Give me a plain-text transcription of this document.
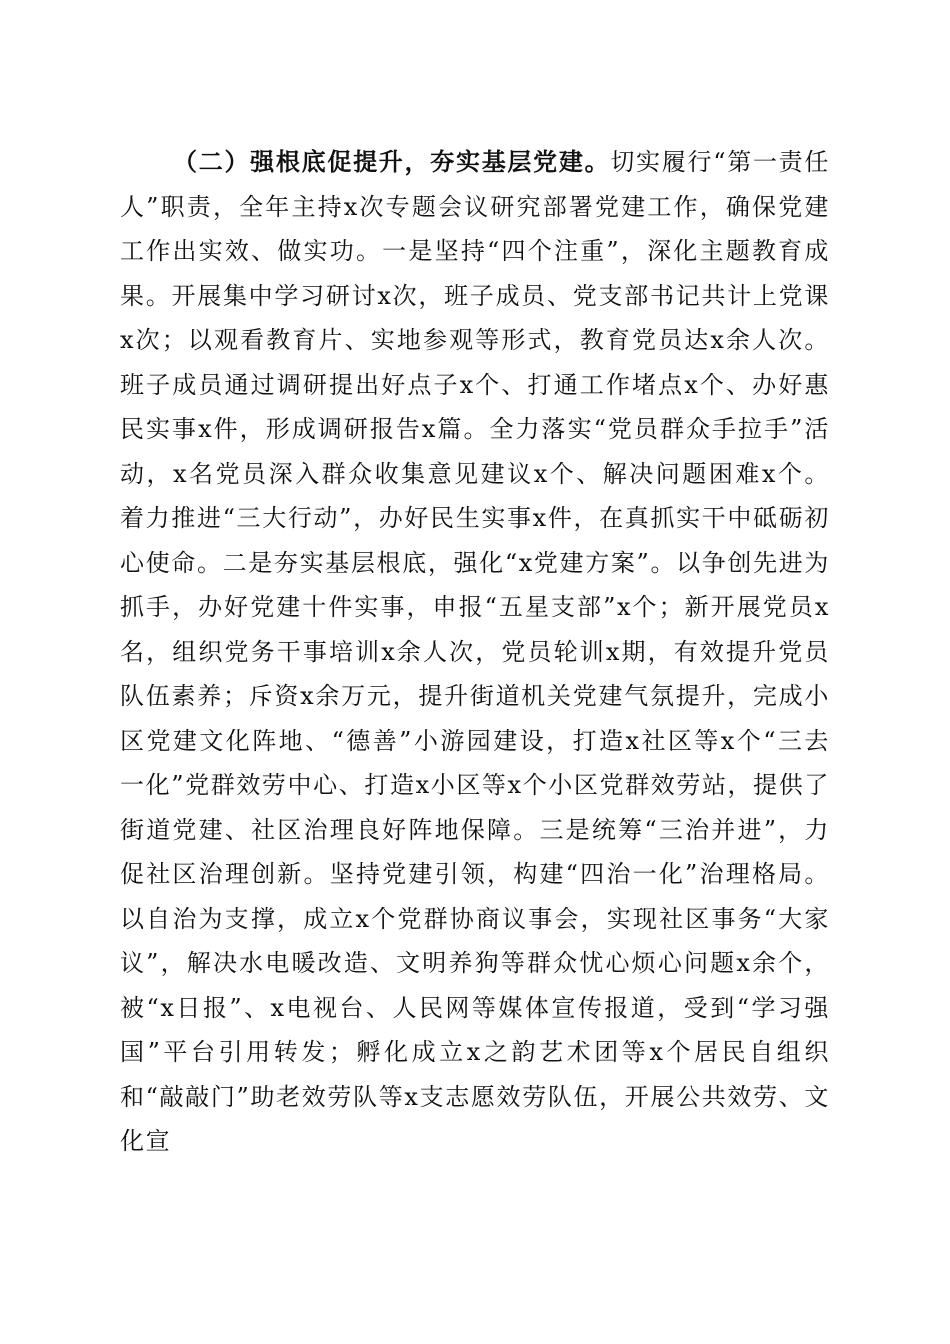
（二）强根底促提升，夯实基层党建。切实履行“第一责任人”职责，全年主持x次专题会议研究部署党建工作，确保党建工作出实效、做实功。一是坚持“四个注重”，深化主题教育成果。开展集中学习研讨x次，班子成员、党支部书记共计上党课x次；以观看教育片、实地参观等形式，教育党员达x余人次。班子成员通过调研提出好点子x个、打通工作堵点x个、办好惠民实事x件，形成调研报告x篇。全力落实“党员群众手拉手”活动，x名党员深入群众收集意见建议x个、解决问题困难x个。着力推进“三大行动”，办好民生实事x件，在真抓实干中砥砺初心使命。二是夯实基层根底，强化“x党建方案”。以争创先进为抓手，办好党建十件实事，申报“五星支部”x个；新开展党员x名，组织党务干事培训x余人次，党员轮训x期，有效提升党员队伍素养；斥资x余万元，提升街道机关党建气氛提升，完成小区党建文化阵地、“德善”小游园建设，打造x社区等x个“三去一化”党群效劳中心、打造x小区等x个小区党群效劳站，提供了街道党建、社区治理良好阵地保障。三是统筹“三治并进”，力促社区治理创新。坚持党建引领，构建“四治一化”治理格局。以自治为支撑，成立x个党群协商议事会，实现社区事务“大家议”，解决水电暖改造、文明养狗等群众忧心烦心问题x余个，被“x日报”、x电视台、人民网等媒体宣传报道，受到“学习强国”平台引用转发；孵化成立x之韵艺术团等x个居民自组织和“敲敲门”助老效劳队等x支志愿效劳队伍，开展公共效劳、文化宣
